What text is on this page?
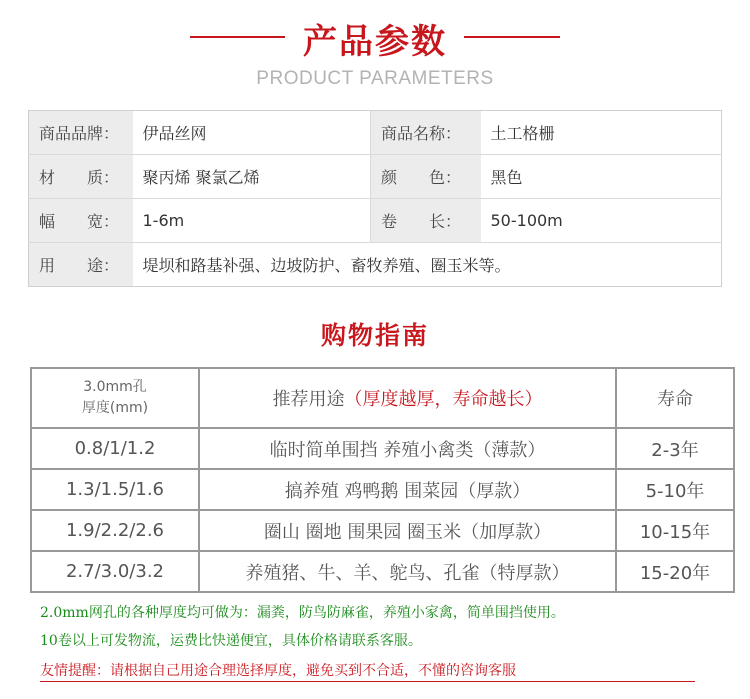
产品参数
PRODUCT PARAMETERS
商品品牌：	伊品丝网	商品名称：	土工格栅
材　　质：	聚丙烯 聚氯乙烯	颜　　色：	黑色
幅　　宽：	1-6m	卷　　长：	50-100m
用　　途：	堤坝和路基补强、边坡防护、畜牧养殖、圈玉米等。		
购物指南
3.0mm孔
厚度(mm)	推荐用途（厚度越厚，寿命越长）	寿命
0.8/1/1.2	临时简单围挡 养殖小禽类（薄款）	2-3年
1.3/1.5/1.6	搞养殖 鸡鸭鹅 围菜园（厚款）	5-10年
1.9/2.2/2.6	圈山 圈地 围果园 圈玉米（加厚款）	10-15年
2.7/3.0/3.2	养殖猪、牛、羊、鸵鸟、孔雀（特厚款）	15-20年
2.0mm网孔的各种厚度均可做为：漏粪，防鸟防麻雀，养殖小家禽，简单围挡使用。
10卷以上可发物流，运费比快递便宜，具体价格请联系客服。
友情提醒：请根据自己用途合理选择厚度，避免买到不合适，不懂的咨询客服
